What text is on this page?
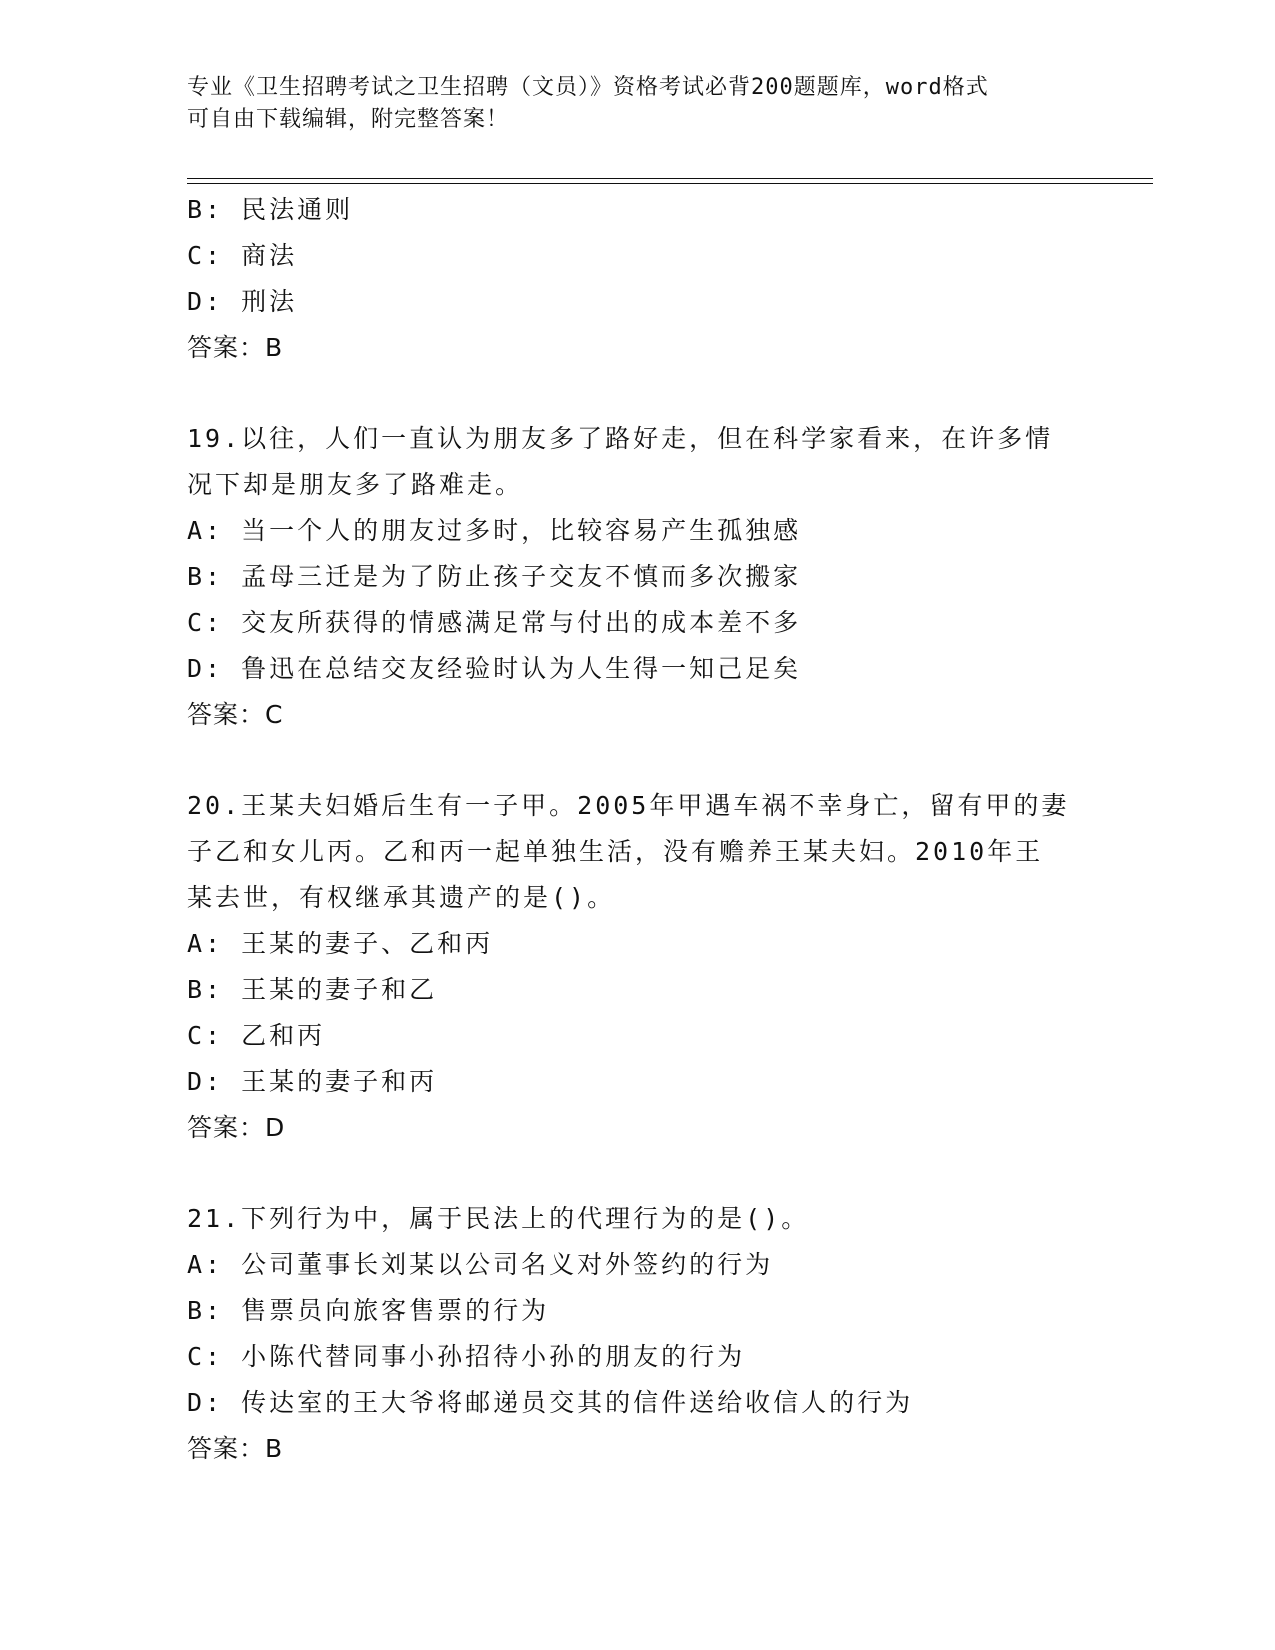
专业《卫生招聘考试之卫生招聘（文员）》资格考试必背200题题库，word格式
可自由下载编辑，附完整答案！
B: 民法通则
C: 商法
D: 刑法
答案：B
19.以往，人们一直认为朋友多了路好走，但在科学家看来，在许多情
况下却是朋友多了路难走。
A: 当一个人的朋友过多时，比较容易产生孤独感
B: 孟母三迁是为了防止孩子交友不慎而多次搬家
C: 交友所获得的情感满足常与付出的成本差不多
D: 鲁迅在总结交友经验时认为人生得一知己足矣
答案：C
20.王某夫妇婚后生有一子甲。2005年甲遇车祸不幸身亡，留有甲的妻
子乙和女儿丙。乙和丙一起单独生活，没有赡养王某夫妇。2010年王
某去世，有权继承其遗产的是()。
A: 王某的妻子、乙和丙
B: 王某的妻子和乙
C: 乙和丙
D: 王某的妻子和丙
答案：D
21.下列行为中，属于民法上的代理行为的是()。
A: 公司董事长刘某以公司名义对外签约的行为
B: 售票员向旅客售票的行为
C: 小陈代替同事小孙招待小孙的朋友的行为
D: 传达室的王大爷将邮递员交其的信件送给收信人的行为
答案：B
